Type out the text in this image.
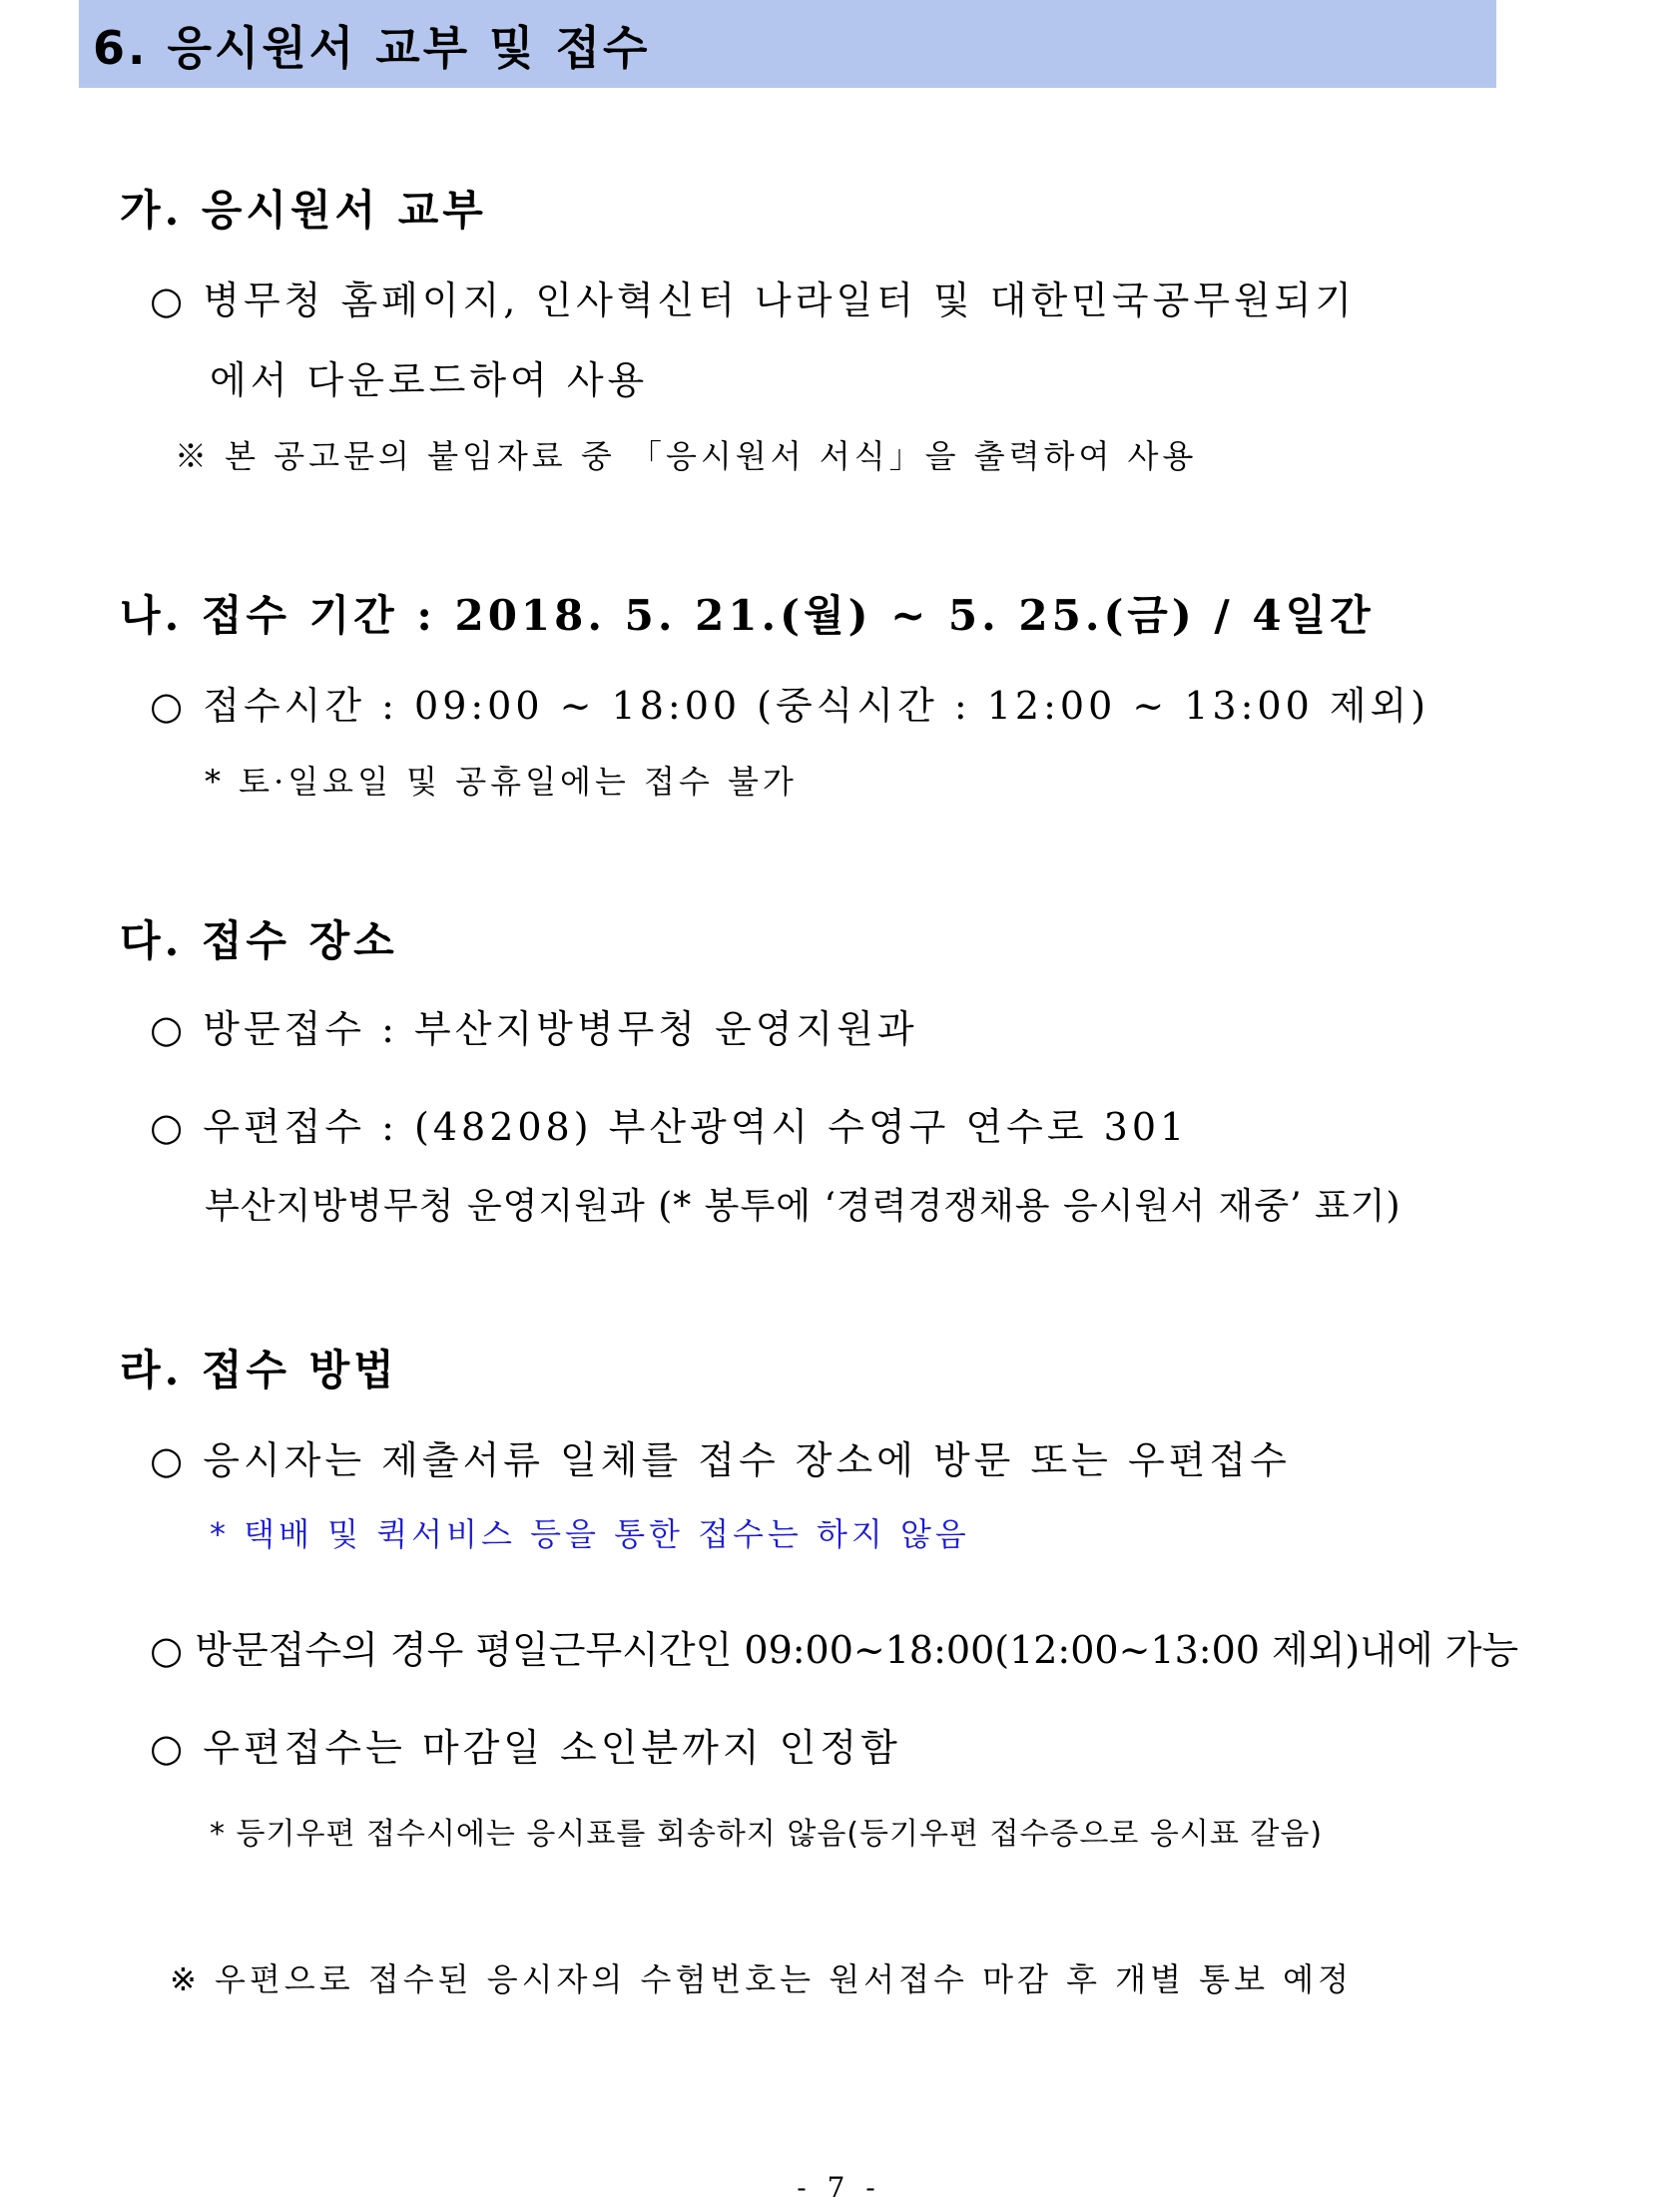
6. 응시원서 교부 및 접수
가. 응시원서 교부
○ 병무청 홈페이지, 인사혁신터 나라일터 및 대한민국공무원되기
에서 다운로드하여 사용
※ 본 공고문의 붙임자료 중 「응시원서 서식」을 출력하여 사용
나. 접수 기간 : 2018. 5. 21.(월) ~ 5. 25.(금) / 4일간
○ 접수시간 : 09:00 ~ 18:00 (중식시간 : 12:00 ~ 13:00 제외)
* 토·일요일 및 공휴일에는 접수 불가
다. 접수 장소
○ 방문접수 : 부산지방병무청 운영지원과
○ 우편접수 : (48208) 부산광역시 수영구 연수로 301
부산지방병무청 운영지원과 (* 봉투에 ‘경력경쟁채용 응시원서 재중’ 표기)
라. 접수 방법
○ 응시자는 제출서류 일체를 접수 장소에 방문 또는 우편접수
* 택배 및 퀵서비스 등을 통한 접수는 하지 않음
○ 방문접수의 경우 평일근무시간인 09:00~18:00(12:00~13:00 제외)내에 가능
○ 우편접수는 마감일 소인분까지 인정함
* 등기우편 접수시에는 응시표를 회송하지 않음(등기우편 접수증으로 응시표 갈음)
※ 우편으로 접수된 응시자의 수험번호는 원서접수 마감 후 개별 통보 예정
- 7 -
